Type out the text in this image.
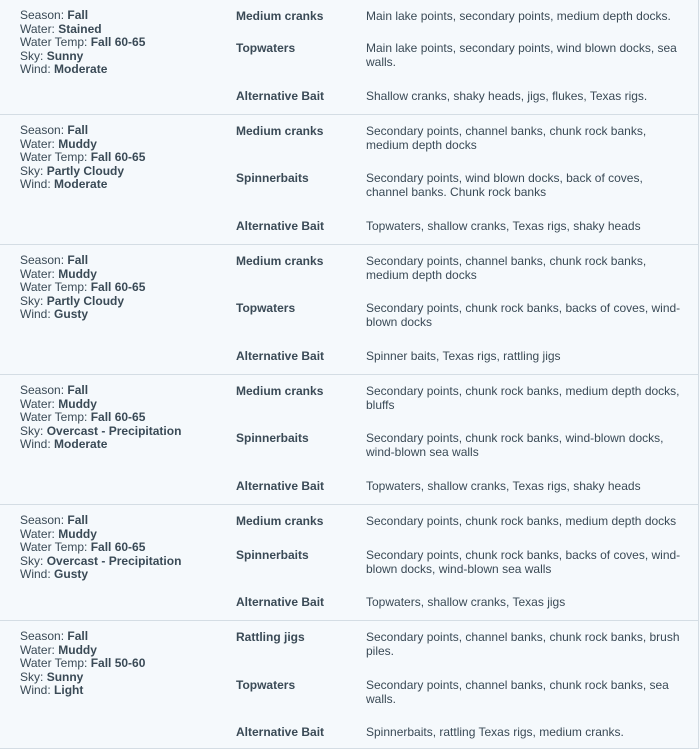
Season: Fall
Water: Stained
Water Temp: Fall 60-65
Sky: Sunny
Wind: Moderate
Medium cranks	Main lake points, secondary points, medium depth docks.
Topwaters	Main lake points, secondary points, wind blown docks, sea walls.
Alternative Bait	Shallow cranks, shaky heads, jigs, flukes, Texas rigs.
Season: Fall
Water: Muddy
Water Temp: Fall 60-65
Sky: Partly Cloudy
Wind: Moderate
Medium cranks	Secondary points, channel banks, chunk rock banks, medium depth docks
Spinnerbaits	Secondary points, wind blown docks, back of coves, channel banks. Chunk rock banks
Alternative Bait	Topwaters, shallow cranks, Texas rigs, shaky heads
Season: Fall
Water: Muddy
Water Temp: Fall 60-65
Sky: Partly Cloudy
Wind: Gusty
Medium cranks	Secondary points, channel banks, chunk rock banks, medium depth docks
Topwaters	Secondary points, chunk rock banks, backs of coves, wind-blown docks
Alternative Bait	Spinner baits, Texas rigs, rattling jigs
Season: Fall
Water: Muddy
Water Temp: Fall 60-65
Sky: Overcast - Precipitation
Wind: Moderate
Medium cranks	Secondary points, chunk rock banks, medium depth docks, bluffs
Spinnerbaits	Secondary points, chunk rock banks, wind-blown docks, wind-blown sea walls
Alternative Bait	Topwaters, shallow cranks, Texas rigs, shaky heads
Season: Fall
Water: Muddy
Water Temp: Fall 60-65
Sky: Overcast - Precipitation
Wind: Gusty
Medium cranks	Secondary points, chunk rock banks, medium depth docks
Spinnerbaits	Secondary points, chunk rock banks, backs of coves, wind-blown docks, wind-blown sea walls
Alternative Bait	Topwaters, shallow cranks, Texas jigs
Season: Fall
Water: Muddy
Water Temp: Fall 50-60
Sky: Sunny
Wind: Light
Rattling jigs	Secondary points, channel banks, chunk rock banks, brush piles.
Topwaters	Secondary points, channel banks, chunk rock banks, sea walls.
Alternative Bait	Spinnerbaits, rattling Texas rigs, medium cranks.
